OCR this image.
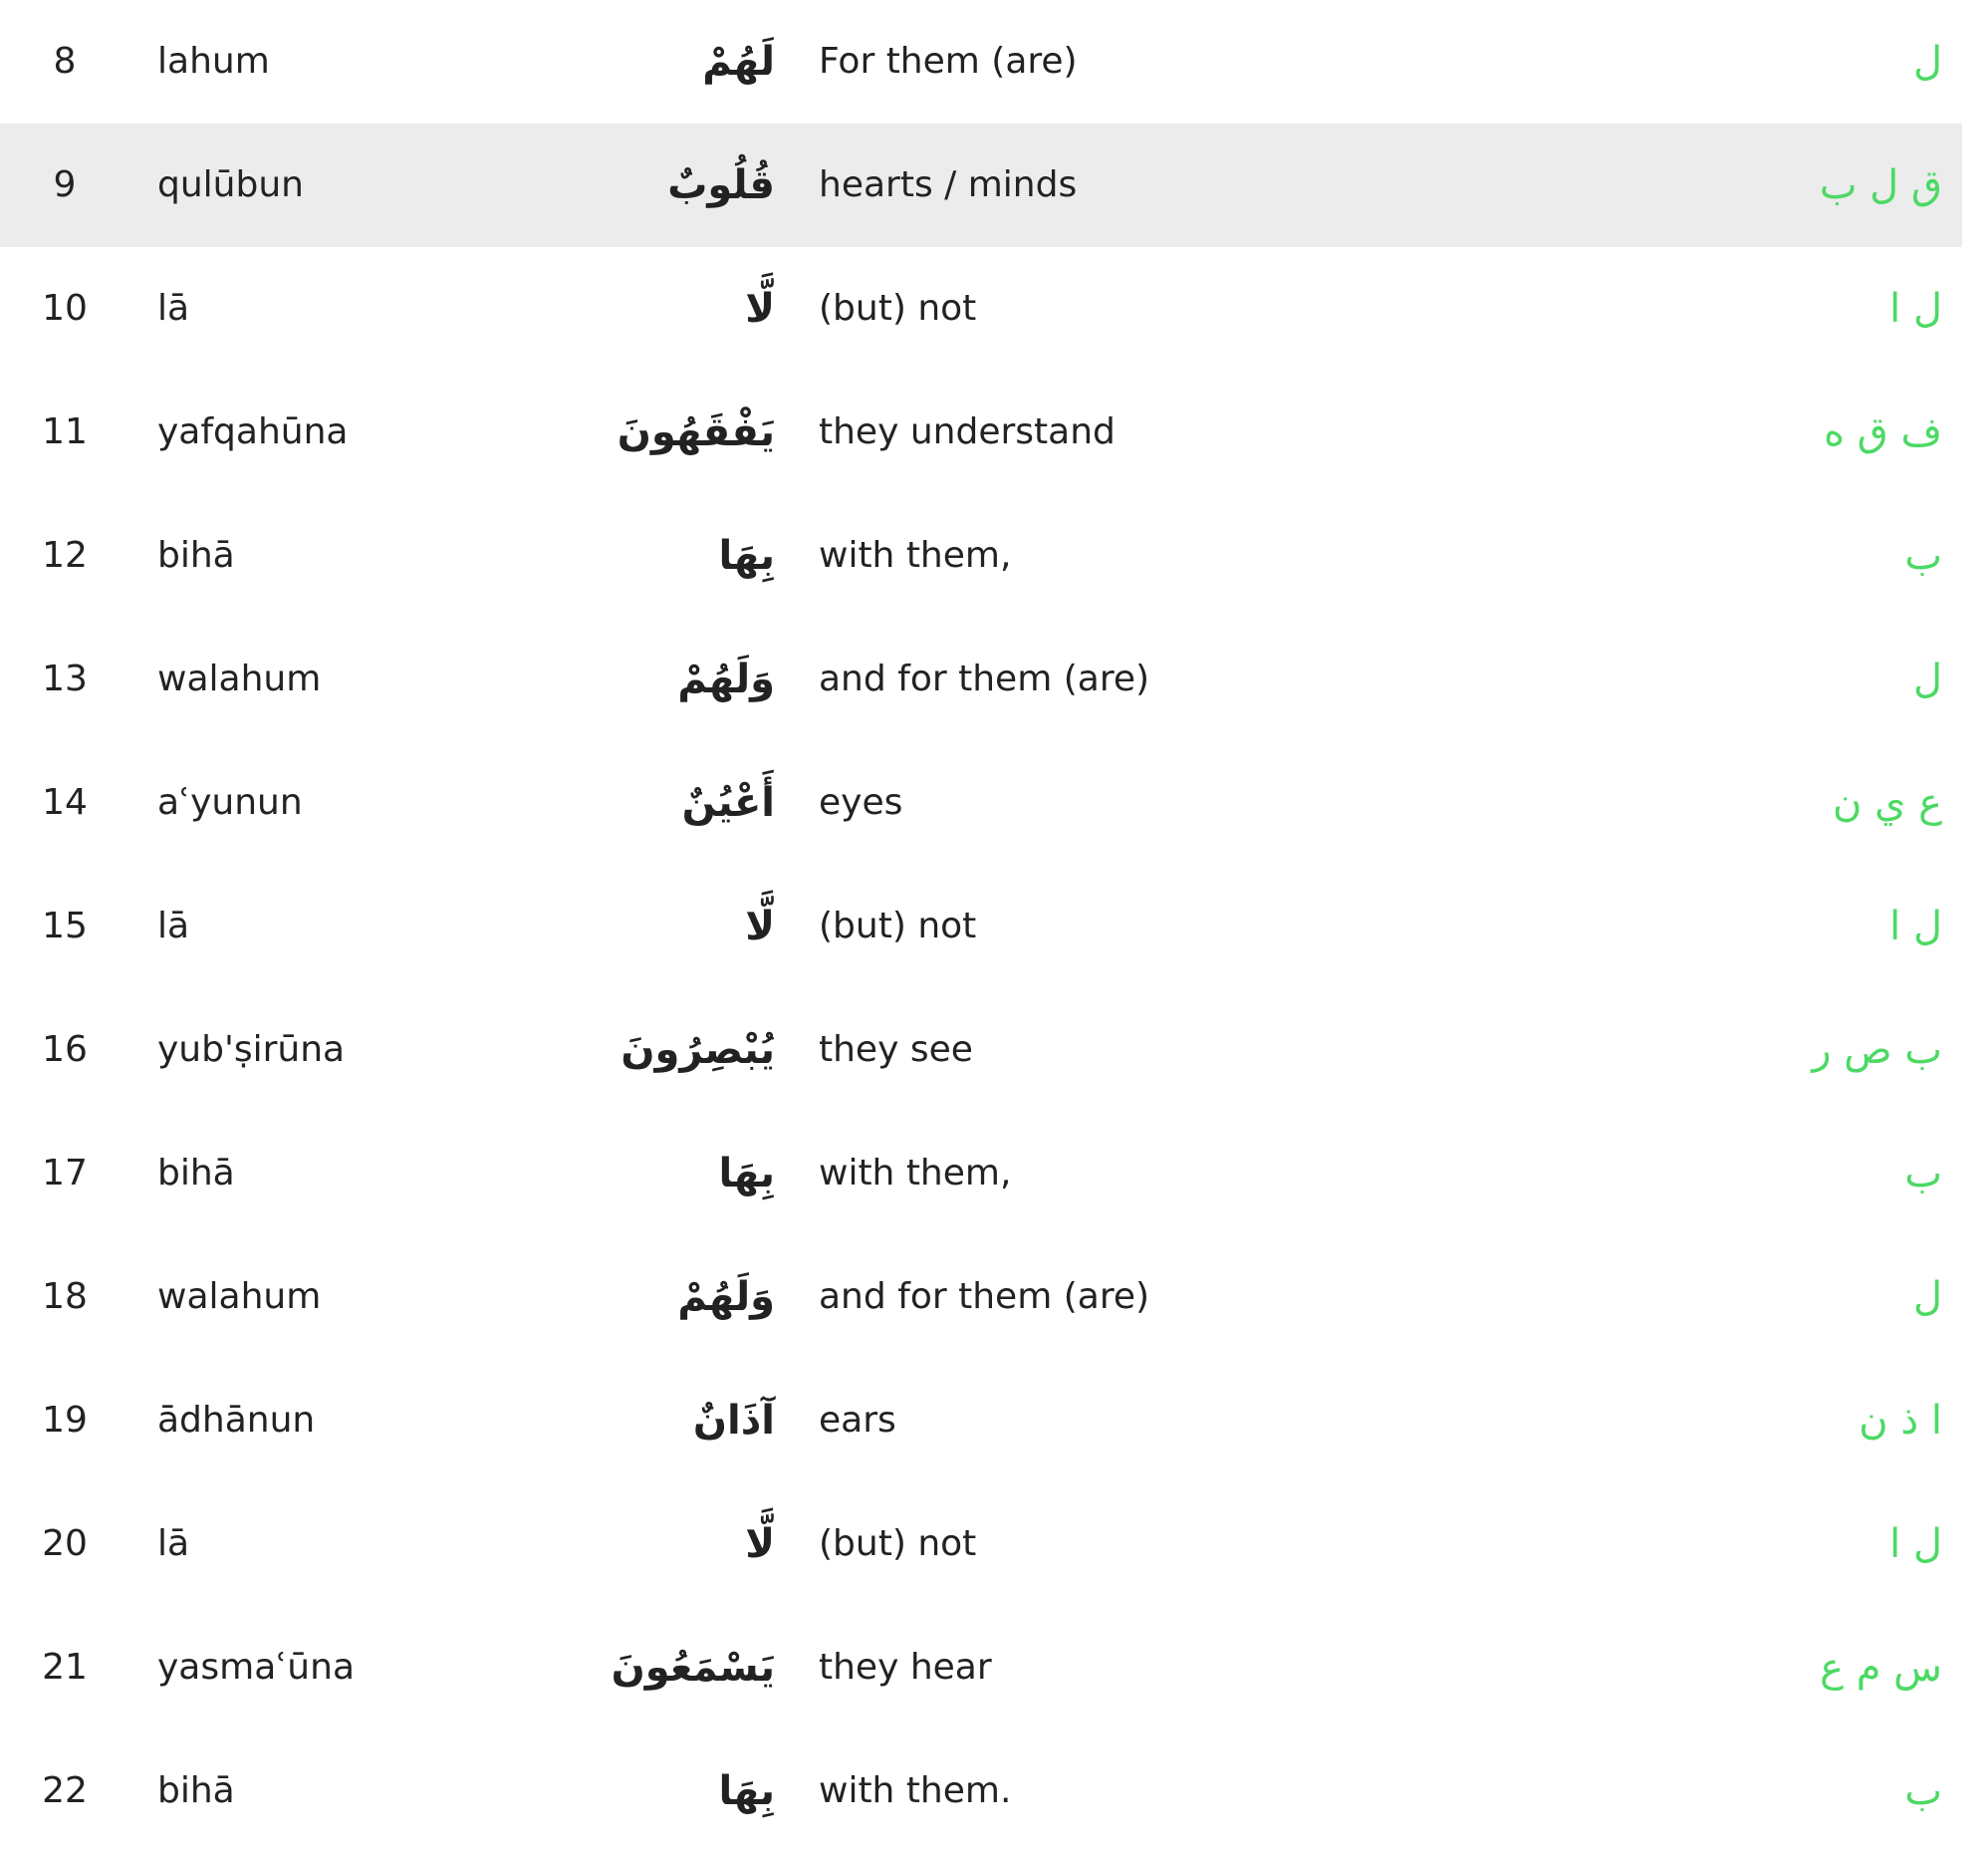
8	lahum	لَهُمْ For them (are)	ل
9	qulūbun	قُلُوبٌ hearts / minds	ق ل ب
10	lā	لَّا (but) not	ل ا
11	yafqahūna	يَفْقَهُونَ they understand	ف ق ه
12	bihā	بِهَا with them,	ب
13	walahum	وَلَهُمْ and for them (are)	ل
14	aʿyunun	أَعْيُنٌ eyes	ع ي ن
15	lā	لَّا (but) not	ل ا
16	yub'ṣirūna	يُبْصِرُونَ they see	ب ص ر
17	bihā	بِهَا with them,	ب
18	walahum	وَلَهُمْ and for them (are)	ل
19	ādhānun	آذَانٌ ears	ا ذ ن
20	lā	لَّا (but) not	ل ا
21	yasmaʿūna	يَسْمَعُونَ they hear	س م ع
22	bihā	بِهَا with them.	ب
